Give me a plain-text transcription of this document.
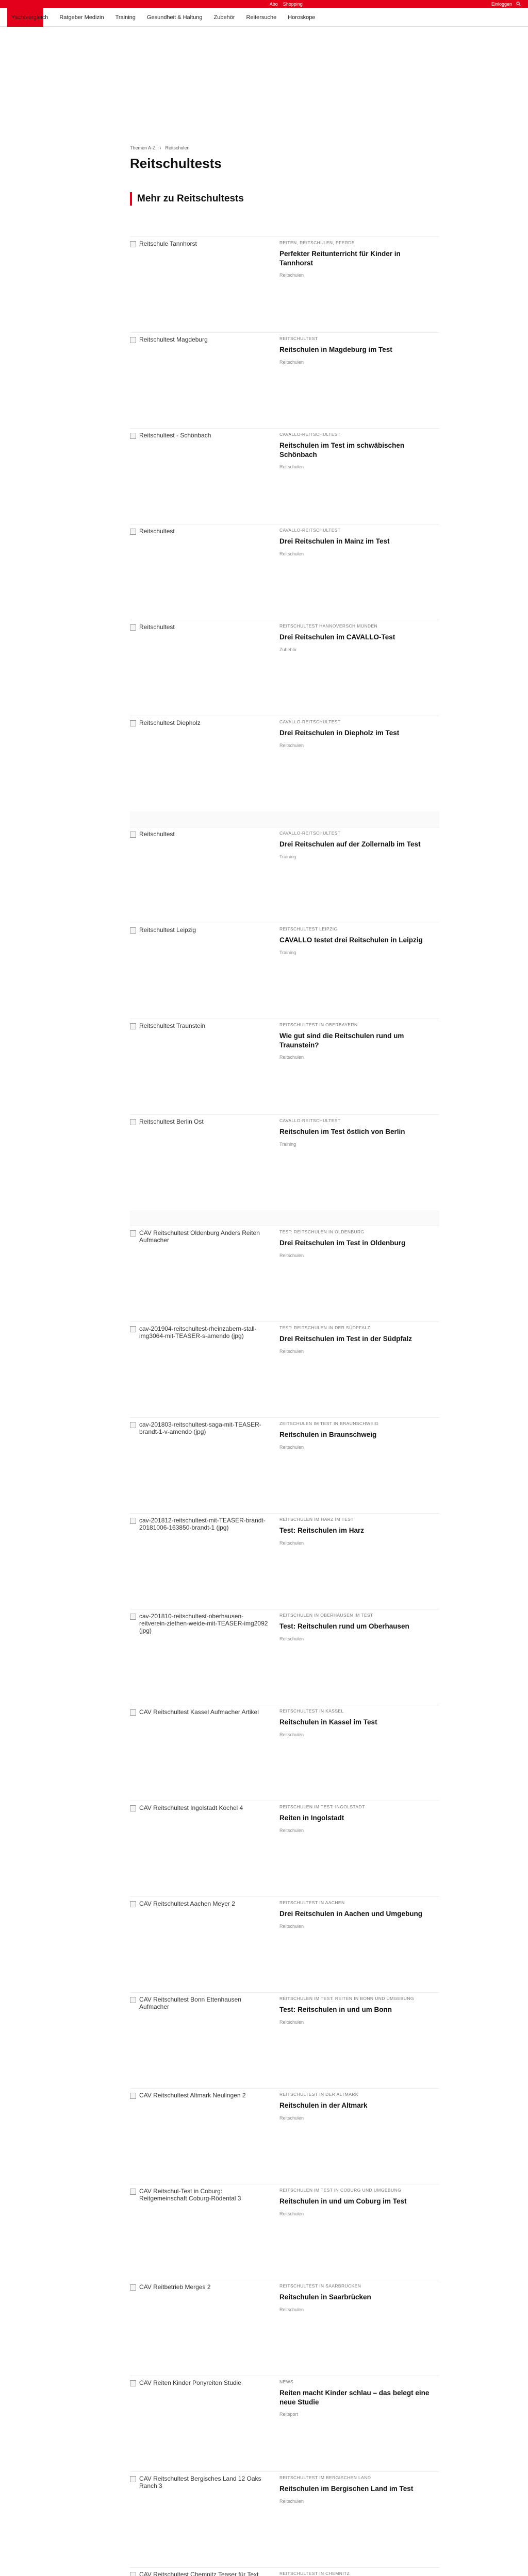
Abo Shopping	Einloggen
Yachtvergleich Ratgeber Medizin Training Gesundheit & Haltung Zubehör Reitersuche Horoskope
Themen A-Z › Reitschulen
Reitschultests
Mehr zu Reitschultests
Reitschule Tannhorst	REITEN, REITSCHULEN, PFERDE
Perfekter Reitunterricht für Kinder in Tannhorst
Reitschulen
Reitschultest Magdeburg	REITSCHULTEST
Reitschulen in Magdeburg im Test
Reitschulen
Reitschultest - Schönbach	CAVALLO-REITSCHULTEST
Reitschulen im Test im schwäbischen Schönbach
Reitschulen
Reitschultest	CAVALLO-REITSCHULTEST
Drei Reitschulen in Mainz im Test
Reitschulen
Reitschultest	REITSCHULTEST HANNOVERSCH MÜNDEN
Drei Reitschulen im CAVALLO-Test
Zubehör
Reitschultest Diepholz	CAVALLO-REITSCHULTEST
Drei Reitschulen in Diepholz im Test
Reitschulen
Reitschultest	CAVALLO-REITSCHULTEST
Drei Reitschulen auf der Zollernalb im Test
Training
Reitschultest Leipzig	REITSCHULTEST LEIPZIG
CAVALLO testet drei Reitschulen in Leipzig
Training
Reitschultest Traunstein	REITSCHULTEST IN OBERBAYERN
Wie gut sind die Reitschulen rund um Traunstein?
Reitschulen
Reitschultest Berlin Ost	CAVALLO-REITSCHULTEST
Reitschulen im Test östlich von Berlin
Training
CAV Reitschultest Oldenburg Anders Reiten Aufmacher
TEST: REITSCHULEN IN OLDENBURG
Drei Reitschulen im Test in Oldenburg
Reitschulen
cav-201904-reitschultest-rheinzabern-stall-img3064-mit-TEASER-s-amendo (jpg)
TEST: REITSCHULEN IN DER SÜDPFALZ
Drei Reitschulen im Test in der Südpfalz
Reitschulen
cav-201803-reitschultest-saga-mit-TEASER-brandt-1-v-amendo (jpg)
ZEITSCHULEN IM TEST IN BRAUNSCHWEIG
Reitschulen in Braunschweig
Reitschulen
cav-201812-reitschultest-mit-TEASER-brandt-20181006-163850-brandt-1 (jpg)
REITSCHULEN IM HARZ IM TEST
Test: Reitschulen im Harz
Reitschulen
cav-201810-reitschultest-oberhausen-reitverein-ziethen-weide-mit-TEASER-img2092 (jpg)
REITSCHULEN IN OBERHAUSEN IM TEST
Test: Reitschulen rund um Oberhausen
Reitschulen
CAV Reitschultest Kassel Aufmacher Artikel	REITSCHULTEST IN KASSEL
Reitschulen in Kassel im Test
Reitschulen
CAV Reitschultest Ingolstadt Kochel 4	REITSCHULEN IM TEST: INGOLSTADT
Reiten in Ingolstadt
Reitschulen
CAV Reitschultest Aachen Meyer 2	REITSCHULTEST IN AACHEN
Drei Reitschulen in Aachen und Umgebung
Reitschulen
CAV Reitschultest Bonn Ettenhausen Aufmacher
REITSCHULEN IM TEST: REITEN IN BONN UND UMGEBUNG
Test: Reitschulen in und um Bonn
Reitschulen
CAV Reitschultest Altmark Neulingen 2	REITSCHULTEST IN DER ALTMARK
Reitschulen in der Altmark
Reitschulen
CAV Reitschul-Test in Coburg: Reitgemeinschaft Coburg-Rödental 3
REITSCHULEN IM TEST IN COBURG UND UMGEBUNG
Reitschulen in und um Coburg im Test
Reitschulen
CAV Reitbetrieb Merges 2	REITSCHULTEST IN SAARBRÜCKEN
Reitschulen in Saarbrücken
Reitschulen
CAV Reiten Kinder Ponyreiten Studie	NEWS
Reiten macht Kinder schlau – das belegt eine neue Studie
Reitsport
CAV Reitschultest Bergisches Land 12 Oaks Ranch 3
REITSCHULTEST IM BERGISCHEN LAND
Reitschulen im Bergischen Land im Test
Reitschulen
CAV Reitschultest Chemnitz Teaser für Text	REITSCHULTEST IN CHEMNITZ
